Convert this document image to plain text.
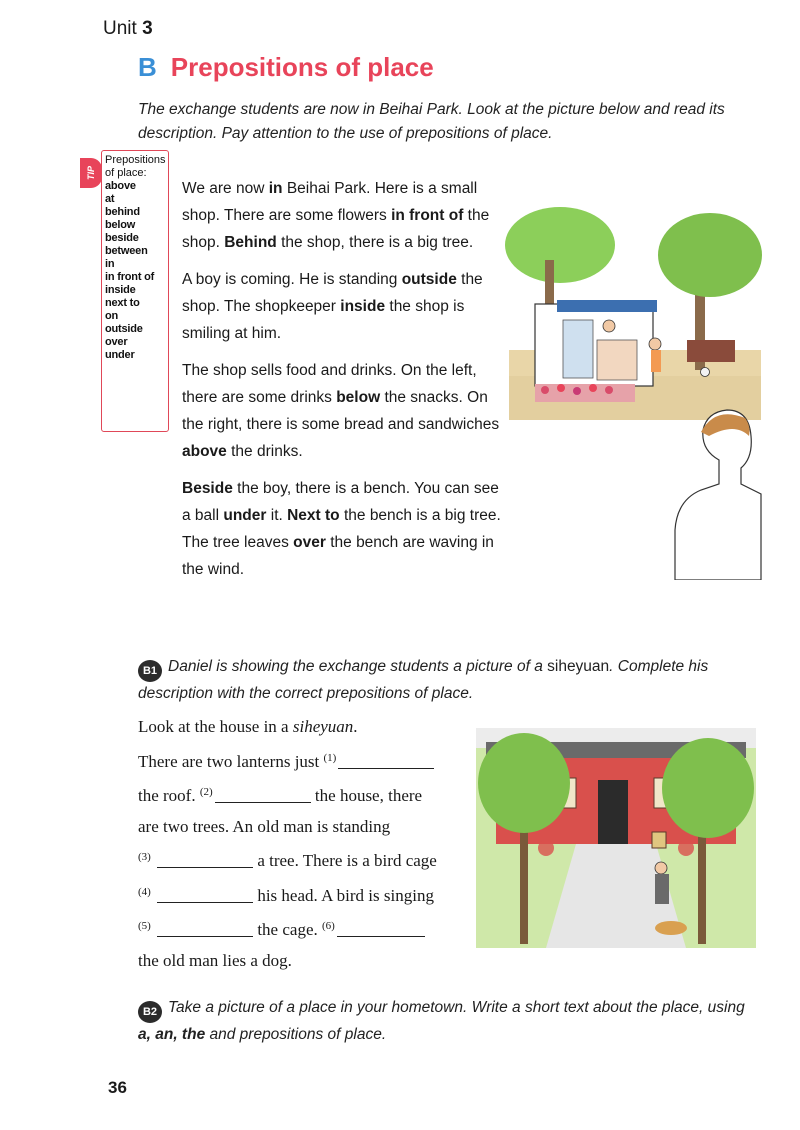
Unit 3
B Prepositions of place
The exchange students are now in Beihai Park. Look at the picture below and read its description. Pay attention to the use of prepositions of place.
TIP
Prepositions of place:
above
at
behind
below
beside
between
in
in front of
inside
next to
on
outside
over
under

We are now in Beihai Park. Here is a small shop. There are some flowers in front of the shop. Behind the shop, there is a big tree.

A boy is coming. He is standing outside the shop. The shopkeeper inside the shop is smiling at him.

The shop sells food and drinks. On the left, there are some drinks below the snacks. On the right, there is some bread and sandwiches above the drinks.

Beside the boy, there is a bench. You can see a ball under it. Next to the bench is a big tree. The tree leaves over the bench are waving in the wind.

B1 Daniel is showing the exchange students a picture of a siheyuan. Complete his description with the correct prepositions of place.
Look at the house in a siheyuan.
There are two lanterns just $^{(1)}$
the roof. $^{(2)}$	the house, there
are two trees. An old man is standing
$^{(3)}$	a tree. There is a bird cage
$^{(4)}$	his head. A bird is singing
$^{(5)}$	the cage. $^{(6)}$
the old man lies a dog.
B2 Take a picture of a place in your hometown. Write a short text about the place, using a, an, the and prepositions of place.
36
